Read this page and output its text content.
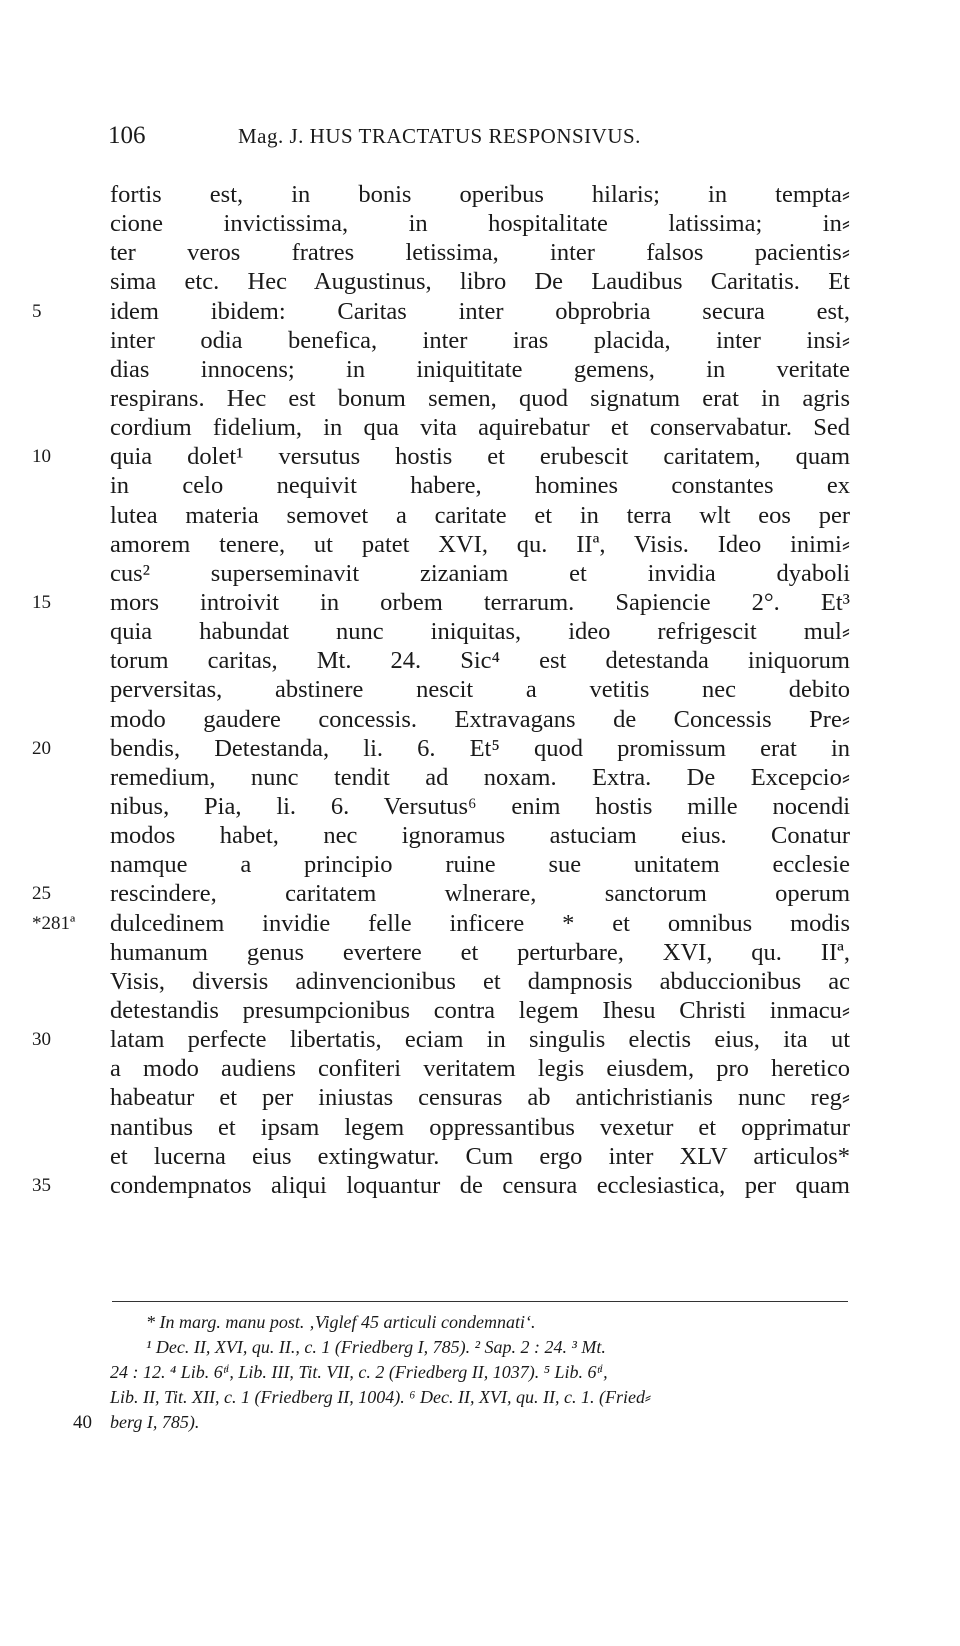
106	Mag. J. HUS TRACTATUS RESPONSIVUS.
fortis est, in bonis operibus hilaris; in tempta⸗
cione invictissima, in hospitalitate latissima; in⸗
ter veros fratres letissima, inter falsos pacientis⸗
sima etc. Hec Augustinus, libro De Laudibus Caritatis. Et
5	idem ibidem: Caritas inter obprobria secura est,
inter odia benefica, inter iras placida, inter insi⸗
dias innocens; in iniquititate gemens, in veritate
respirans. Hec est bonum semen, quod signatum erat in agris
cordium fidelium, in qua vita aquirebatur et conservabatur. Sed
10	quia dolet¹ versutus hostis et erubescit caritatem, quam
in celo nequivit habere, homines constantes ex
lutea materia semovet a caritate et in terra wlt eos per
amorem tenere, ut patet XVI, qu. IIª, Visis. Ideo inimi⸗
cus² superseminavit zizaniam et invidia dyaboli
15	mors introivit in orbem terrarum. Sapiencie 2°. Et³
quia habundat nunc iniquitas, ideo refrigescit mul⸗
torum caritas, Mt. 24. Sic⁴ est detestanda iniquorum
perversitas, abstinere nescit a vetitis nec debito
modo gaudere concessis. Extravagans de Concessis Pre⸗
20	bendis, Detestanda, li. 6. Et⁵ quod promissum erat in
remedium, nunc tendit ad noxam. Extra. De Excepcio⸗
nibus, Pia, li. 6. Versutus⁶ enim hostis mille nocendi
modos habet, nec ignoramus astuciam eius. Conatur
namque a principio ruine sue unitatem ecclesie
25	rescindere, caritatem wlnerare, sanctorum operum
*281ª	dulcedinem invidie felle inficere * et omnibus modis
humanum genus evertere et perturbare, XVI, qu. IIª,
Visis, diversis adinvencionibus et dampnosis abduccionibus ac
detestandis presumpcionibus contra legem Ihesu Christi inmacu⸗
30	latam perfecte libertatis, eciam in singulis electis eius, ita ut
a modo audiens confiteri veritatem legis eiusdem, pro heretico
habeatur et per iniustas censuras ab antichristianis nunc reg⸗
nantibus et ipsam legem oppressantibus vexetur et opprimatur
et lucerna eius extingwatur. Cum ergo inter XLV articulos*
35	condempnatos aliqui loquantur de censura ecclesiastica, per quam
* In marg. manu post. ‚Viglef 45 articuli condemnati‘.
¹ Dec. II, XVI, qu. II., c. 1 (Friedberg I, 785). ² Sap. 2 : 24. ³ Mt.
24 : 12. ⁴ Lib. 6ᵗⁱ, Lib. III, Tit. VII, c. 2 (Friedberg II, 1037). ⁵ Lib. 6ᵗⁱ,
Lib. II, Tit. XII, c. 1 (Friedberg II, 1004). ⁶ Dec. II, XVI, qu. II, c. 1. (Fried⸗
40 berg I, 785).
